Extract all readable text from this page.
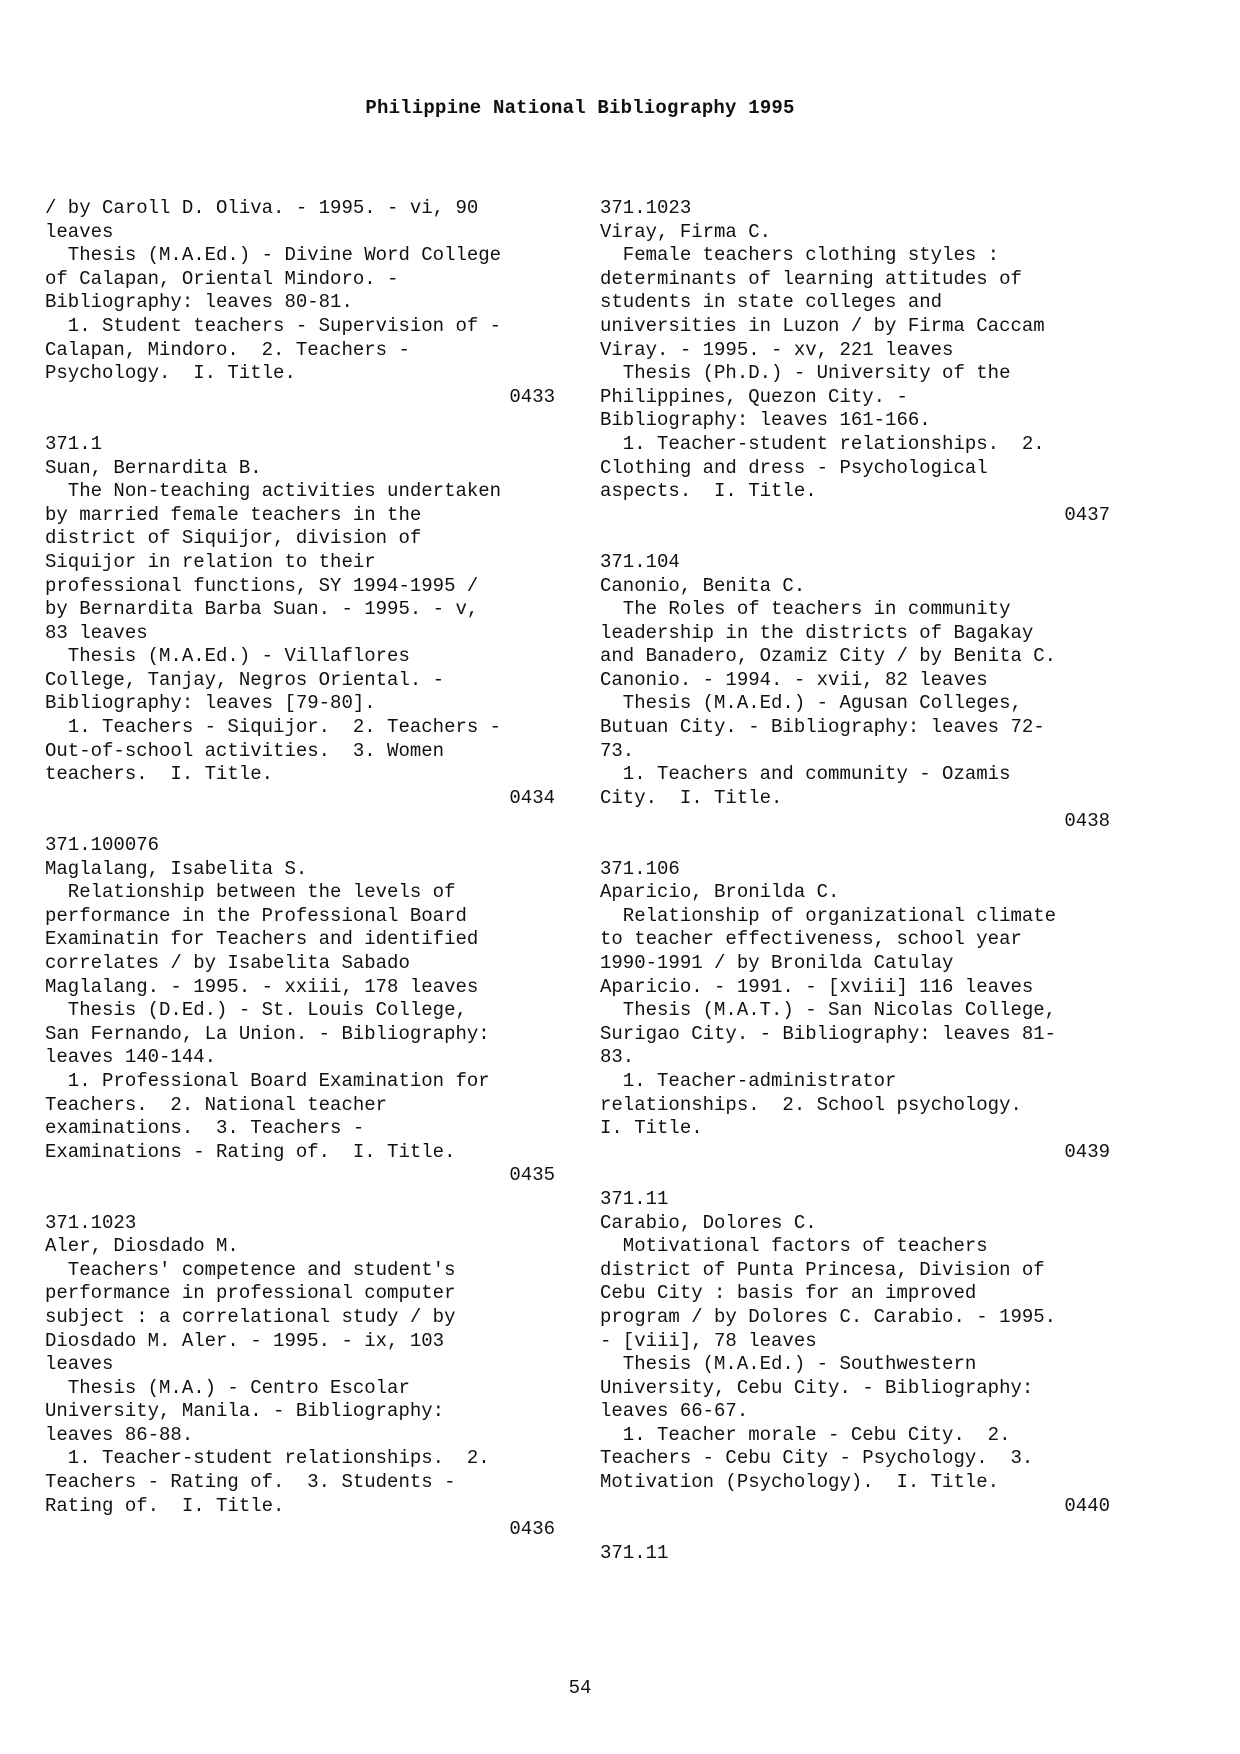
Philippine National Bibliography 1995
/ by Caroll D. Oliva. - 1995. - vi, 90
leaves
Thesis (M.A.Ed.) - Divine Word College
of Calapan, Oriental Mindoro. -
Bibliography: leaves 80-81.
1. Student teachers - Supervision of -
Calapan, Mindoro.  2. Teachers -
Psychology.  I. Title.
0433
371.1
Suan, Bernardita B.
The Non-teaching activities undertaken
by married female teachers in the
district of Siquijor, division of
Siquijor in relation to their
professional functions, SY 1994-1995 /
by Bernardita Barba Suan. - 1995. - v,
83 leaves
Thesis (M.A.Ed.) - Villaflores
College, Tanjay, Negros Oriental. -
Bibliography: leaves [79-80].
1. Teachers - Siquijor.  2. Teachers -
Out-of-school activities.  3. Women
teachers.  I. Title.
0434
371.100076
Maglalang, Isabelita S.
Relationship between the levels of
performance in the Professional Board
Examinatin for Teachers and identified
correlates / by Isabelita Sabado
Maglalang. - 1995. - xxiii, 178 leaves
Thesis (D.Ed.) - St. Louis College,
San Fernando, La Union. - Bibliography:
leaves 140-144.
1. Professional Board Examination for
Teachers.  2. National teacher
examinations.  3. Teachers -
Examinations - Rating of.  I. Title.
0435
371.1023
Aler, Diosdado M.
Teachers' competence and student's
performance in professional computer
subject : a correlational study / by
Diosdado M. Aler. - 1995. - ix, 103
leaves
Thesis (M.A.) - Centro Escolar
University, Manila. - Bibliography:
leaves 86-88.
1. Teacher-student relationships.  2.
Teachers - Rating of.  3. Students -
Rating of.  I. Title.
0436
371.1023
Viray, Firma C.
Female teachers clothing styles :
determinants of learning attitudes of
students in state colleges and
universities in Luzon / by Firma Caccam
Viray. - 1995. - xv, 221 leaves
Thesis (Ph.D.) - University of the
Philippines, Quezon City. -
Bibliography: leaves 161-166.
1. Teacher-student relationships.  2.
Clothing and dress - Psychological
aspects.  I. Title.
0437
371.104
Canonio, Benita C.
The Roles of teachers in community
leadership in the districts of Bagakay
and Banadero, Ozamiz City / by Benita C.
Canonio. - 1994. - xvii, 82 leaves
Thesis (M.A.Ed.) - Agusan Colleges,
Butuan City. - Bibliography: leaves 72-
73.
1. Teachers and community - Ozamis
City.  I. Title.
0438
371.106
Aparicio, Bronilda C.
Relationship of organizational climate
to teacher effectiveness, school year
1990-1991 / by Bronilda Catulay
Aparicio. - 1991. - [xviii] 116 leaves
Thesis (M.A.T.) - San Nicolas College,
Surigao City. - Bibliography: leaves 81-
83.
1. Teacher-administrator
relationships.  2. School psychology.
I. Title.
0439
371.11
Carabio, Dolores C.
Motivational factors of teachers
district of Punta Princesa, Division of
Cebu City : basis for an improved
program / by Dolores C. Carabio. - 1995.
- [viii], 78 leaves
Thesis (M.A.Ed.) - Southwestern
University, Cebu City. - Bibliography:
leaves 66-67.
1. Teacher morale - Cebu City.  2.
Teachers - Cebu City - Psychology.  3.
Motivation (Psychology).  I. Title.
0440
371.11
54
